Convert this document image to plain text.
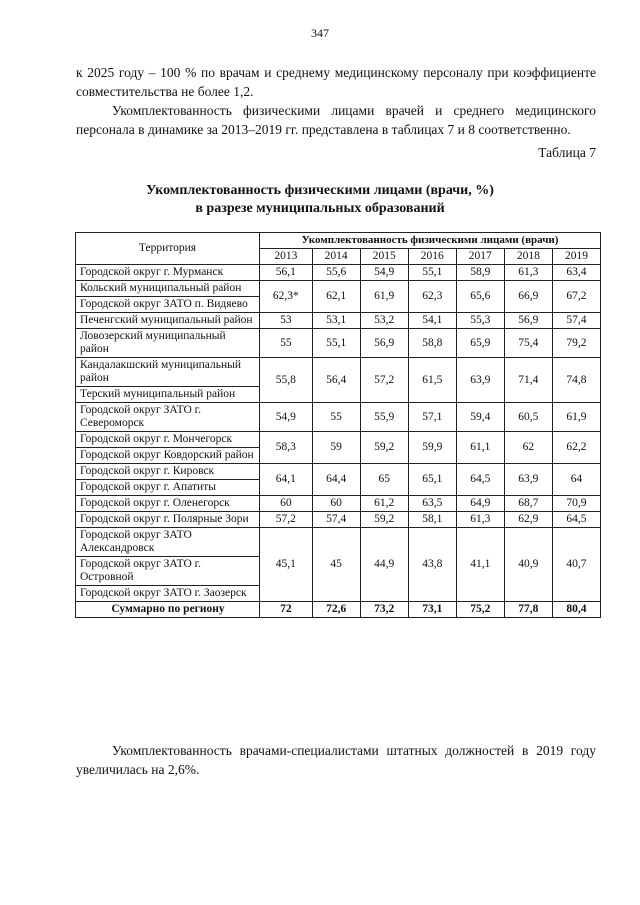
347

к 2025 году – 100 % по врачам и среднему медицинскому персоналу при коэффициенте совместительства не более 1,2.

Укомплектованность физическими лицами врачей и среднего медицинского персонала в динамике за 2013–2019 гг. представлена в таблицах 7 и 8 соответственно.

Таблица 7
Укомплектованность физическими лицами (врачи, %)
в разрезе муниципальных образований
Территория	Укомплектованность физическими лицами (врачи)						
	2013	2014	2015	2016	2017	2018	2019
Городской округ г. Мурманск	56,1	55,6	54,9	55,1	58,9	61,3	63,4
Кольский муниципальный район	62,3*	62,1	61,9	62,3	65,6	66,9	67,2
Городской округ ЗАТО п. Видяево							
Печенгский муниципальный район	53	53,1	53,2	54,1	55,3	56,9	57,4
Ловозерский муниципальный район	55	55,1	56,9	58,8	65,9	75,4	79,2
Кандалакшский муниципальный район	55,8	56,4	57,2	61,5	63,9	71,4	74,8
Терский муниципальный район							
Городской округ ЗАТО г. Североморск	54,9	55	55,9	57,1	59,4	60,5	61,9
Городской округ г. Мончегорск	58,3	59	59,2	59,9	61,1	62	62,2
Городской округ Ковдорский район							
Городской округ г. Кировск	64,1	64,4	65	65,1	64,5	63,9	64
Городской округ г. Апатиты							
Городской округ г. Оленегорск	60	60	61,2	63,5	64,9	68,7	70,9
Городской округ г. Полярные Зори	57,2	57,4	59,2	58,1	61,3	62,9	64,5
Городской округ ЗАТО Александровск	45,1	45	44,9	43,8	41,1	40,9	40,7
Городской округ ЗАТО г. Островной							
Городской округ ЗАТО г. Заозерск							
Суммарно по региону	72	72,6	73,2	73,1	75,2	77,8	80,4

Укомплектованность врачами-специалистами штатных должностей в 2019 году увеличилась на 2,6%.
